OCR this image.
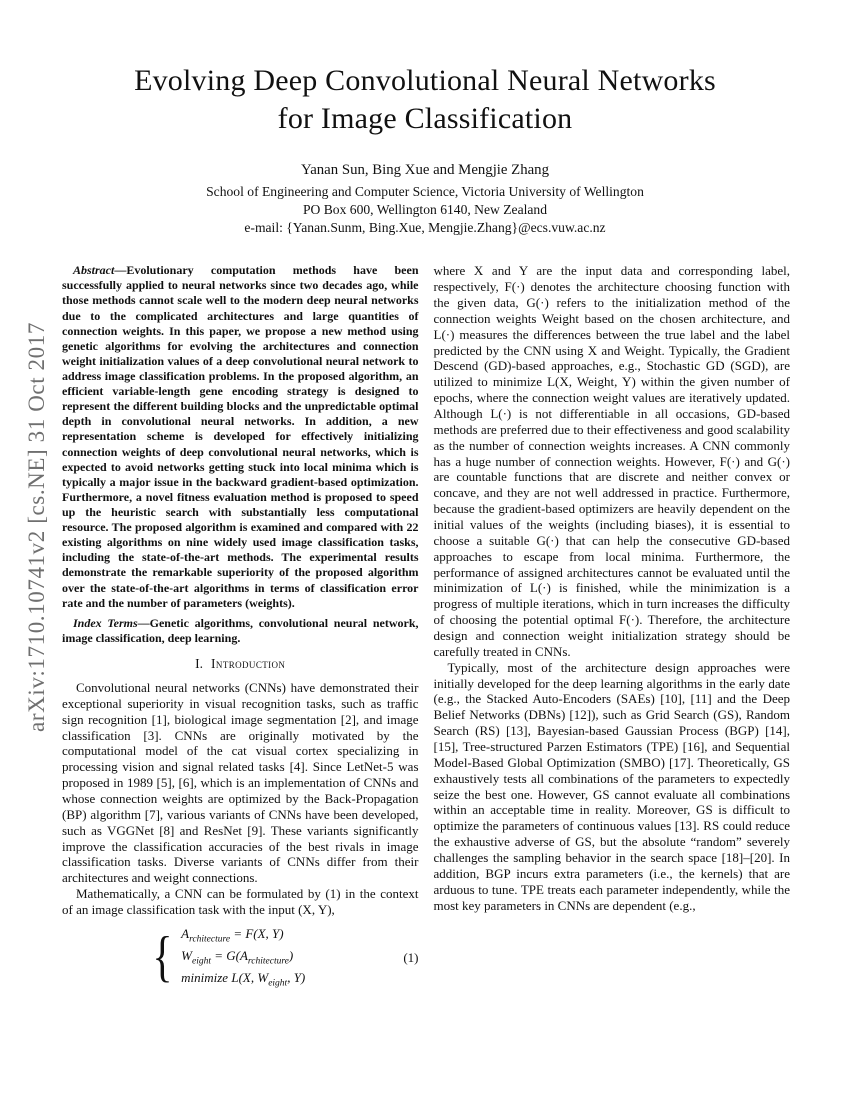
arXiv:1710.10741v2 [cs.NE] 31 Oct 2017
Evolving Deep Convolutional Neural Networks
for Image Classification
Yanan Sun, Bing Xue and Mengjie Zhang
School of Engineering and Computer Science, Victoria University of Wellington
PO Box 600, Wellington 6140, New Zealand
e-mail: {Yanan.Sunm, Bing.Xue, Mengjie.Zhang}@ecs.vuw.ac.nz

Abstract—Evolutionary computation methods have been successfully applied to neural networks since two decades ago, while those methods cannot scale well to the modern deep neural networks due to the complicated architectures and large quantities of connection weights. In this paper, we propose a new method using genetic algorithms for evolving the architectures and connection weight initialization values of a deep convolutional neural network to address image classification problems. In the proposed algorithm, an efficient variable-length gene encoding strategy is designed to represent the different building blocks and the unpredictable optimal depth in convolutional neural networks. In addition, a new representation scheme is developed for effectively initializing connection weights of deep convolutional neural networks, which is expected to avoid networks getting stuck into local minima which is typically a major issue in the backward gradient-based optimization. Furthermore, a novel fitness evaluation method is proposed to speed up the heuristic search with substantially less computational resource. The proposed algorithm is examined and compared with 22 existing algorithms on nine widely used image classification tasks, including the state-of-the-art methods. The experimental results demonstrate the remarkable superiority of the proposed algorithm over the state-of-the-art algorithms in terms of classification error rate and the number of parameters (weights).

Index Terms—Genetic algorithms, convolutional neural network, image classification, deep learning.

I. Introduction

Convolutional neural networks (CNNs) have demonstrated their exceptional superiority in visual recognition tasks, such as traffic sign recognition [1], biological image segmentation [2], and image classification [3]. CNNs are originally motivated by the computational model of the cat visual cortex specializing in processing vision and signal related tasks [4]. Since LetNet-5 was proposed in 1989 [5], [6], which is an implementation of CNNs and whose connection weights are optimized by the Back-Propagation (BP) algorithm [7], various variants of CNNs have been developed, such as VGGNet [8] and ResNet [9]. These variants significantly improve the classification accuracies of the best rivals in image classification tasks. Diverse variants of CNNs differ from their architectures and weight connections.

Mathematically, a CNN can be formulated by (1) in the context of an image classification task with the input (X, Y),

{ $A_{rchitecture} = F(X$, Y)
$W_{eight} = G(A_{rchitecture})$
minimize L(X, $W_{eight}$, Y)
(1)

where X and Y are the input data and corresponding label, respectively, F(·) denotes the architecture choosing function with the given data, G(·) refers to the initialization method of the connection weights Weight based on the chosen architecture, and L(·) measures the differences between the true label and the label predicted by the CNN using X and Weight. Typically, the Gradient Descend (GD)-based approaches, e.g., Stochastic GD (SGD), are utilized to minimize L(X, Weight, Y) within the given number of epochs, where the connection weight values are iteratively updated. Although L(·) is not differentiable in all occasions, GD-based methods are preferred due to their effectiveness and good scalability as the number of connection weights increases. A CNN commonly has a huge number of connection weights. However, F(·) and G(·) are countable functions that are discrete and neither convex or concave, and they are not well addressed in practice. Furthermore, because the gradient-based optimizers are heavily dependent on the initial values of the weights (including biases), it is essential to choose a suitable G(·) that can help the consecutive GD-based approaches to escape from local minima. Furthermore, the performance of assigned architectures cannot be evaluated until the minimization of L(·) is finished, while the minimization is a progress of multiple iterations, which in turn increases the difficulty of choosing the potential optimal F(·). Therefore, the architecture design and connection weight initialization strategy should be carefully treated in CNNs.

Typically, most of the architecture design approaches were initially developed for the deep learning algorithms in the early date (e.g., the Stacked Auto-Encoders (SAEs) [10], [11] and the Deep Belief Networks (DBNs) [12]), such as Grid Search (GS), Random Search (RS) [13], Bayesian-based Gaussian Process (BGP) [14], [15], Tree-structured Parzen Estimators (TPE) [16], and Sequential Model-Based Global Optimization (SMBO) [17]. Theoretically, GS exhaustively tests all combinations of the parameters to expectedly seize the best one. However, GS cannot evaluate all combinations within an acceptable time in reality. Moreover, GS is difficult to optimize the parameters of continuous values [13]. RS could reduce the exhaustive adverse of GS, but the absolute “random” severely challenges the sampling behavior in the search space [18]–[20]. In addition, BGP incurs extra parameters (i.e., the kernels) that are arduous to tune. TPE treats each parameter independently, while the most key parameters in CNNs are dependent (e.g.,
